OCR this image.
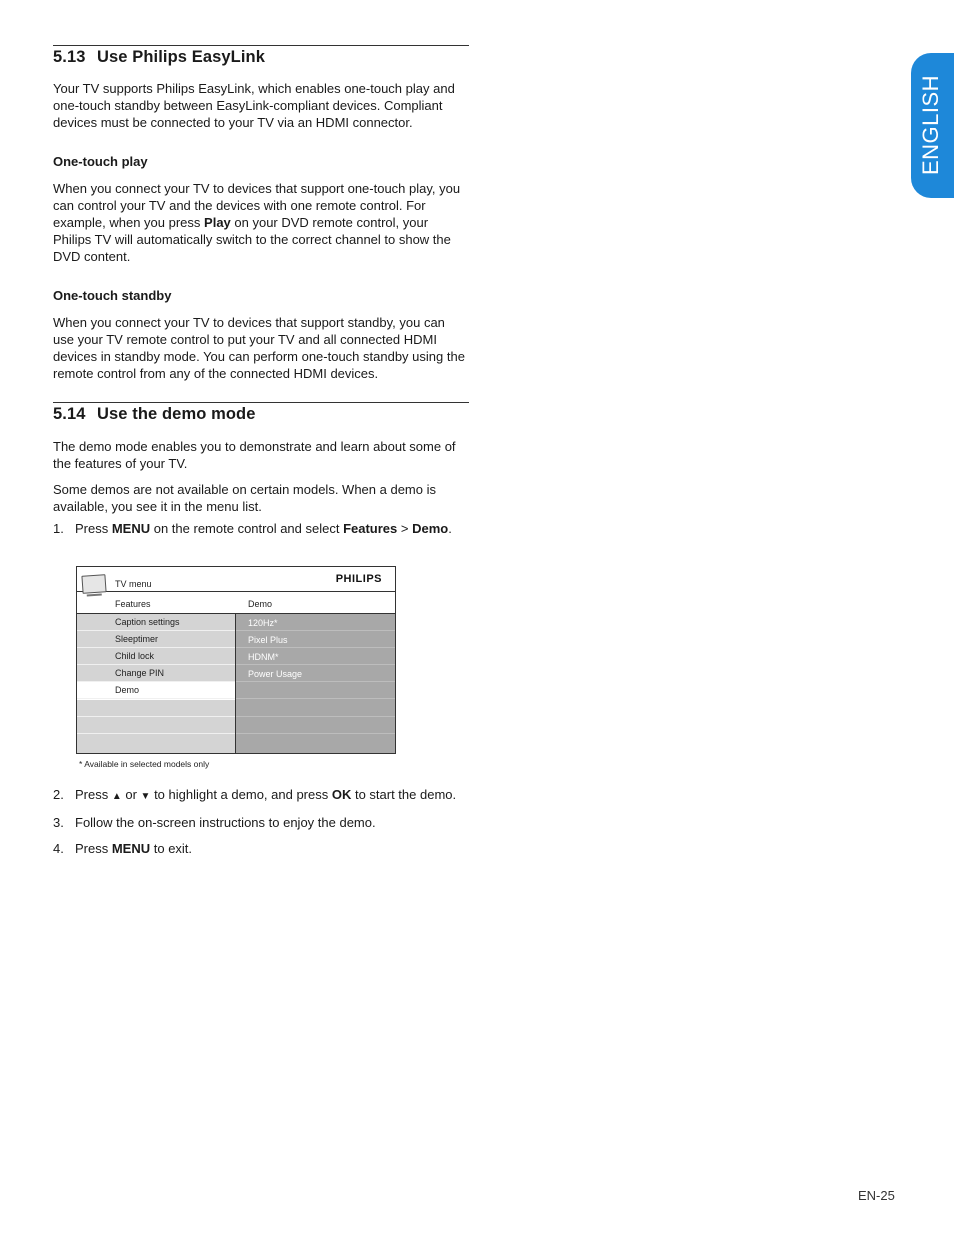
ENGLISH
5.13 Use Philips EasyLink

Your TV supports Philips EasyLink, which enables one-touch play and one-touch standby between EasyLink-compliant devices. Compliant devices must be connected to your TV via an HDMI connector.

One-touch play

When you connect your TV to devices that support one-touch play, you can control your TV and the devices with one remote control. For example, when you press Play on your DVD remote control, your Philips TV will automatically switch to the correct channel to show the DVD content.

One-touch standby

When you connect your TV to devices that support standby, you can use your TV remote control to put your TV and all connected HDMI devices in standby mode. You can perform one-touch standby using the remote control from any of the connected HDMI devices.

5.14 Use the demo mode

The demo mode enables you to demonstrate and learn about some of the features of your TV.

Some demos are not available on certain models. When a demo is available, you see it in the menu list.

1. Press MENU on the remote control and select Features > Demo.
TV menu	PHILIPS
Features	Demo
Caption settings
Sleeptimer
Child lock
Change PIN
Demo
120Hz*
Pixel Plus
HDNM*
Power Usage
* Available in selected models only
2. Press ▲ or ▼ to highlight a demo, and press OK to start the demo.
3. Follow the on-screen instructions to enjoy the demo.
4. Press MENU to exit.
EN-25
